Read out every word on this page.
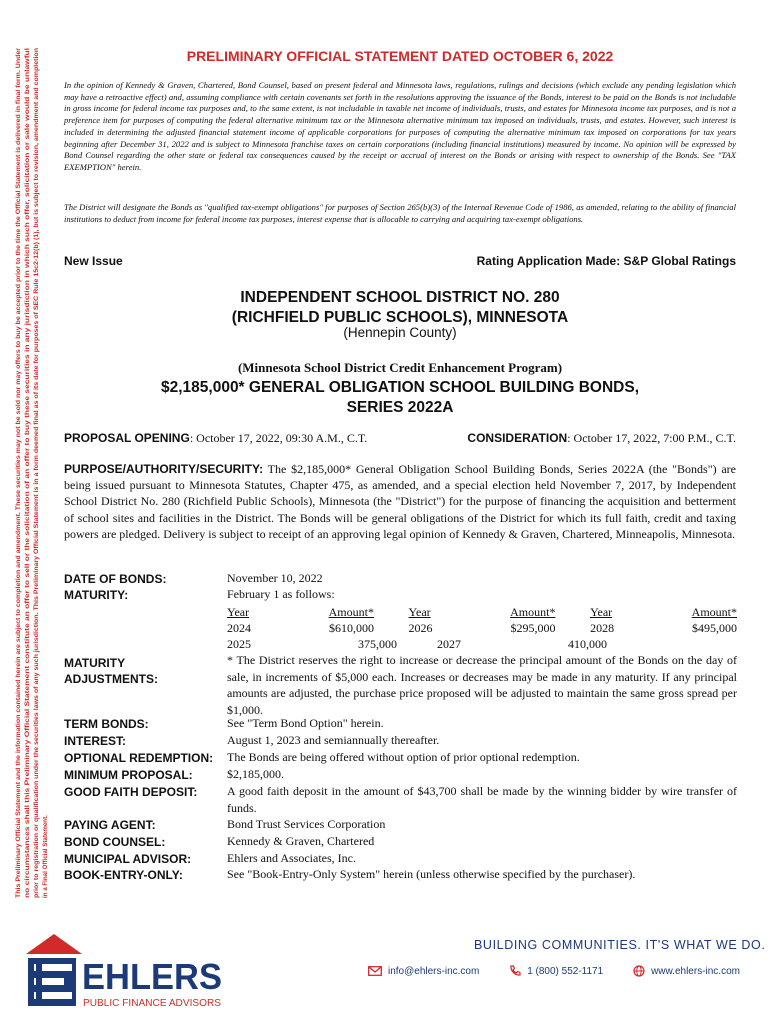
This Preliminary Official Statement and the information contained herein are subject to completion and amendment. These securities may not be sold nor may offers to buy be accepted prior to the time the Official Statement is delivered in final form. Under no circumstances shall this Preliminary Official Statement constitute an offer to sell or the solicitation of an offer to buy these securities in any jurisdiction in which such offer, solicitation or sale would be unlawful prior to registration or qualification under the securities laws of any such jurisdiction. This Preliminary Official Statement is in a form deemed final as of its date for purposes of SEC Rule 15c2-12(b) (1), but is subject to revision, amendment and completion in a Final Official Statement.
PRELIMINARY OFFICIAL STATEMENT DATED OCTOBER 6, 2022
In the opinion of Kennedy & Graven, Chartered, Bond Counsel, based on present federal and Minnesota laws, regulations, rulings and decisions (which exclude any pending legislation which may have a retroactive effect) and, assuming compliance with certain covenants set forth in the resolutions approving the issuance of the Bonds, interest to be paid on the Bonds is not includable in gross income for federal income tax purposes and, to the same extent, is not includable in taxable net income of individuals, trusts, and estates for Minnesota income tax purposes, and is not a preference item for purposes of computing the federal alternative minimum tax or the Minnesota alternative minimum tax imposed on individuals, trusts, and estates. However, such interest is included in determining the adjusted financial statement income of applicable corporations for purposes of computing the alternative minimum tax imposed on corporations for tax years beginning after December 31, 2022 and is subject to Minnesota franchise taxes on certain corporations (including financial institutions) measured by income. No opinion will be expressed by Bond Counsel regarding the other state or federal tax consequences caused by the receipt or accrual of interest on the Bonds or arising with respect to ownership of the Bonds. See "TAX EXEMPTION" herein.
The District will designate the Bonds as "qualified tax-exempt obligations" for purposes of Section 265(b)(3) of the Internal Revenue Code of 1986, as amended, relating to the ability of financial institutions to deduct from income for federal income tax purposes, interest expense that is allocable to carrying and acquiring tax-exempt obligations.
New Issue	Rating Application Made: S&P Global Ratings
INDEPENDENT SCHOOL DISTRICT NO. 280
(RICHFIELD PUBLIC SCHOOLS), MINNESOTA
(Hennepin County)
(Minnesota School District Credit Enhancement Program)
$2,185,000* GENERAL OBLIGATION SCHOOL BUILDING BONDS,
SERIES 2022A
PROPOSAL OPENING: October 17, 2022, 09:30 A.M., C.T.	CONSIDERATION: October 17, 2022, 7:00 P.M., C.T.
PURPOSE/AUTHORITY/SECURITY: The $2,185,000* General Obligation School Building Bonds, Series 2022A (the "Bonds") are being issued pursuant to Minnesota Statutes, Chapter 475, as amended, and a special election held November 7, 2017, by Independent School District No. 280 (Richfield Public Schools), Minnesota (the "District") for the purpose of financing the acquisition and betterment of school sites and facilities in the District. The Bonds will be general obligations of the District for which its full faith, credit and taxing powers are pledged. Delivery is subject to receipt of an approving legal opinion of Kennedy & Graven, Chartered, Minneapolis, Minnesota.
DATE OF BONDS:	November 10, 2022
MATURITY:	February 1 as follows:
Year	Amount*	Year	Amount*	Year	Amount*
2024	$610,000	2026	$295,000	2028	$495,000
2025	375,000	2027	410,000
MATURITY
ADJUSTMENTS:
* The District reserves the right to increase or decrease the principal amount of the Bonds on the day of sale, in increments of $5,000 each. Increases or decreases may be made in any maturity. If any principal amounts are adjusted, the purchase price proposed will be adjusted to maintain the same gross spread per $1,000.
TERM BONDS:	See "Term Bond Option" herein.
INTEREST:	August 1, 2023 and semiannually thereafter.
OPTIONAL REDEMPTION: The Bonds are being offered without option of prior optional redemption.
MINIMUM PROPOSAL:	$2,185,000.
GOOD FAITH DEPOSIT: A good faith deposit in the amount of $43,700 shall be made by the winning bidder by wire transfer of funds.
PAYING AGENT:	Bond Trust Services Corporation
BOND COUNSEL:	Kennedy & Graven, Chartered
MUNICIPAL ADVISOR:	Ehlers and Associates, Inc.
BOOK-ENTRY-ONLY:	See "Book-Entry-Only System" herein (unless otherwise specified by the purchaser).
EHLERS
PUBLIC FINANCE ADVISORS
BUILDING COMMUNITIES. IT'S WHAT WE DO.
info@ehlers-inc.com	1 (800) 552-1171	www.ehlers-inc.com
